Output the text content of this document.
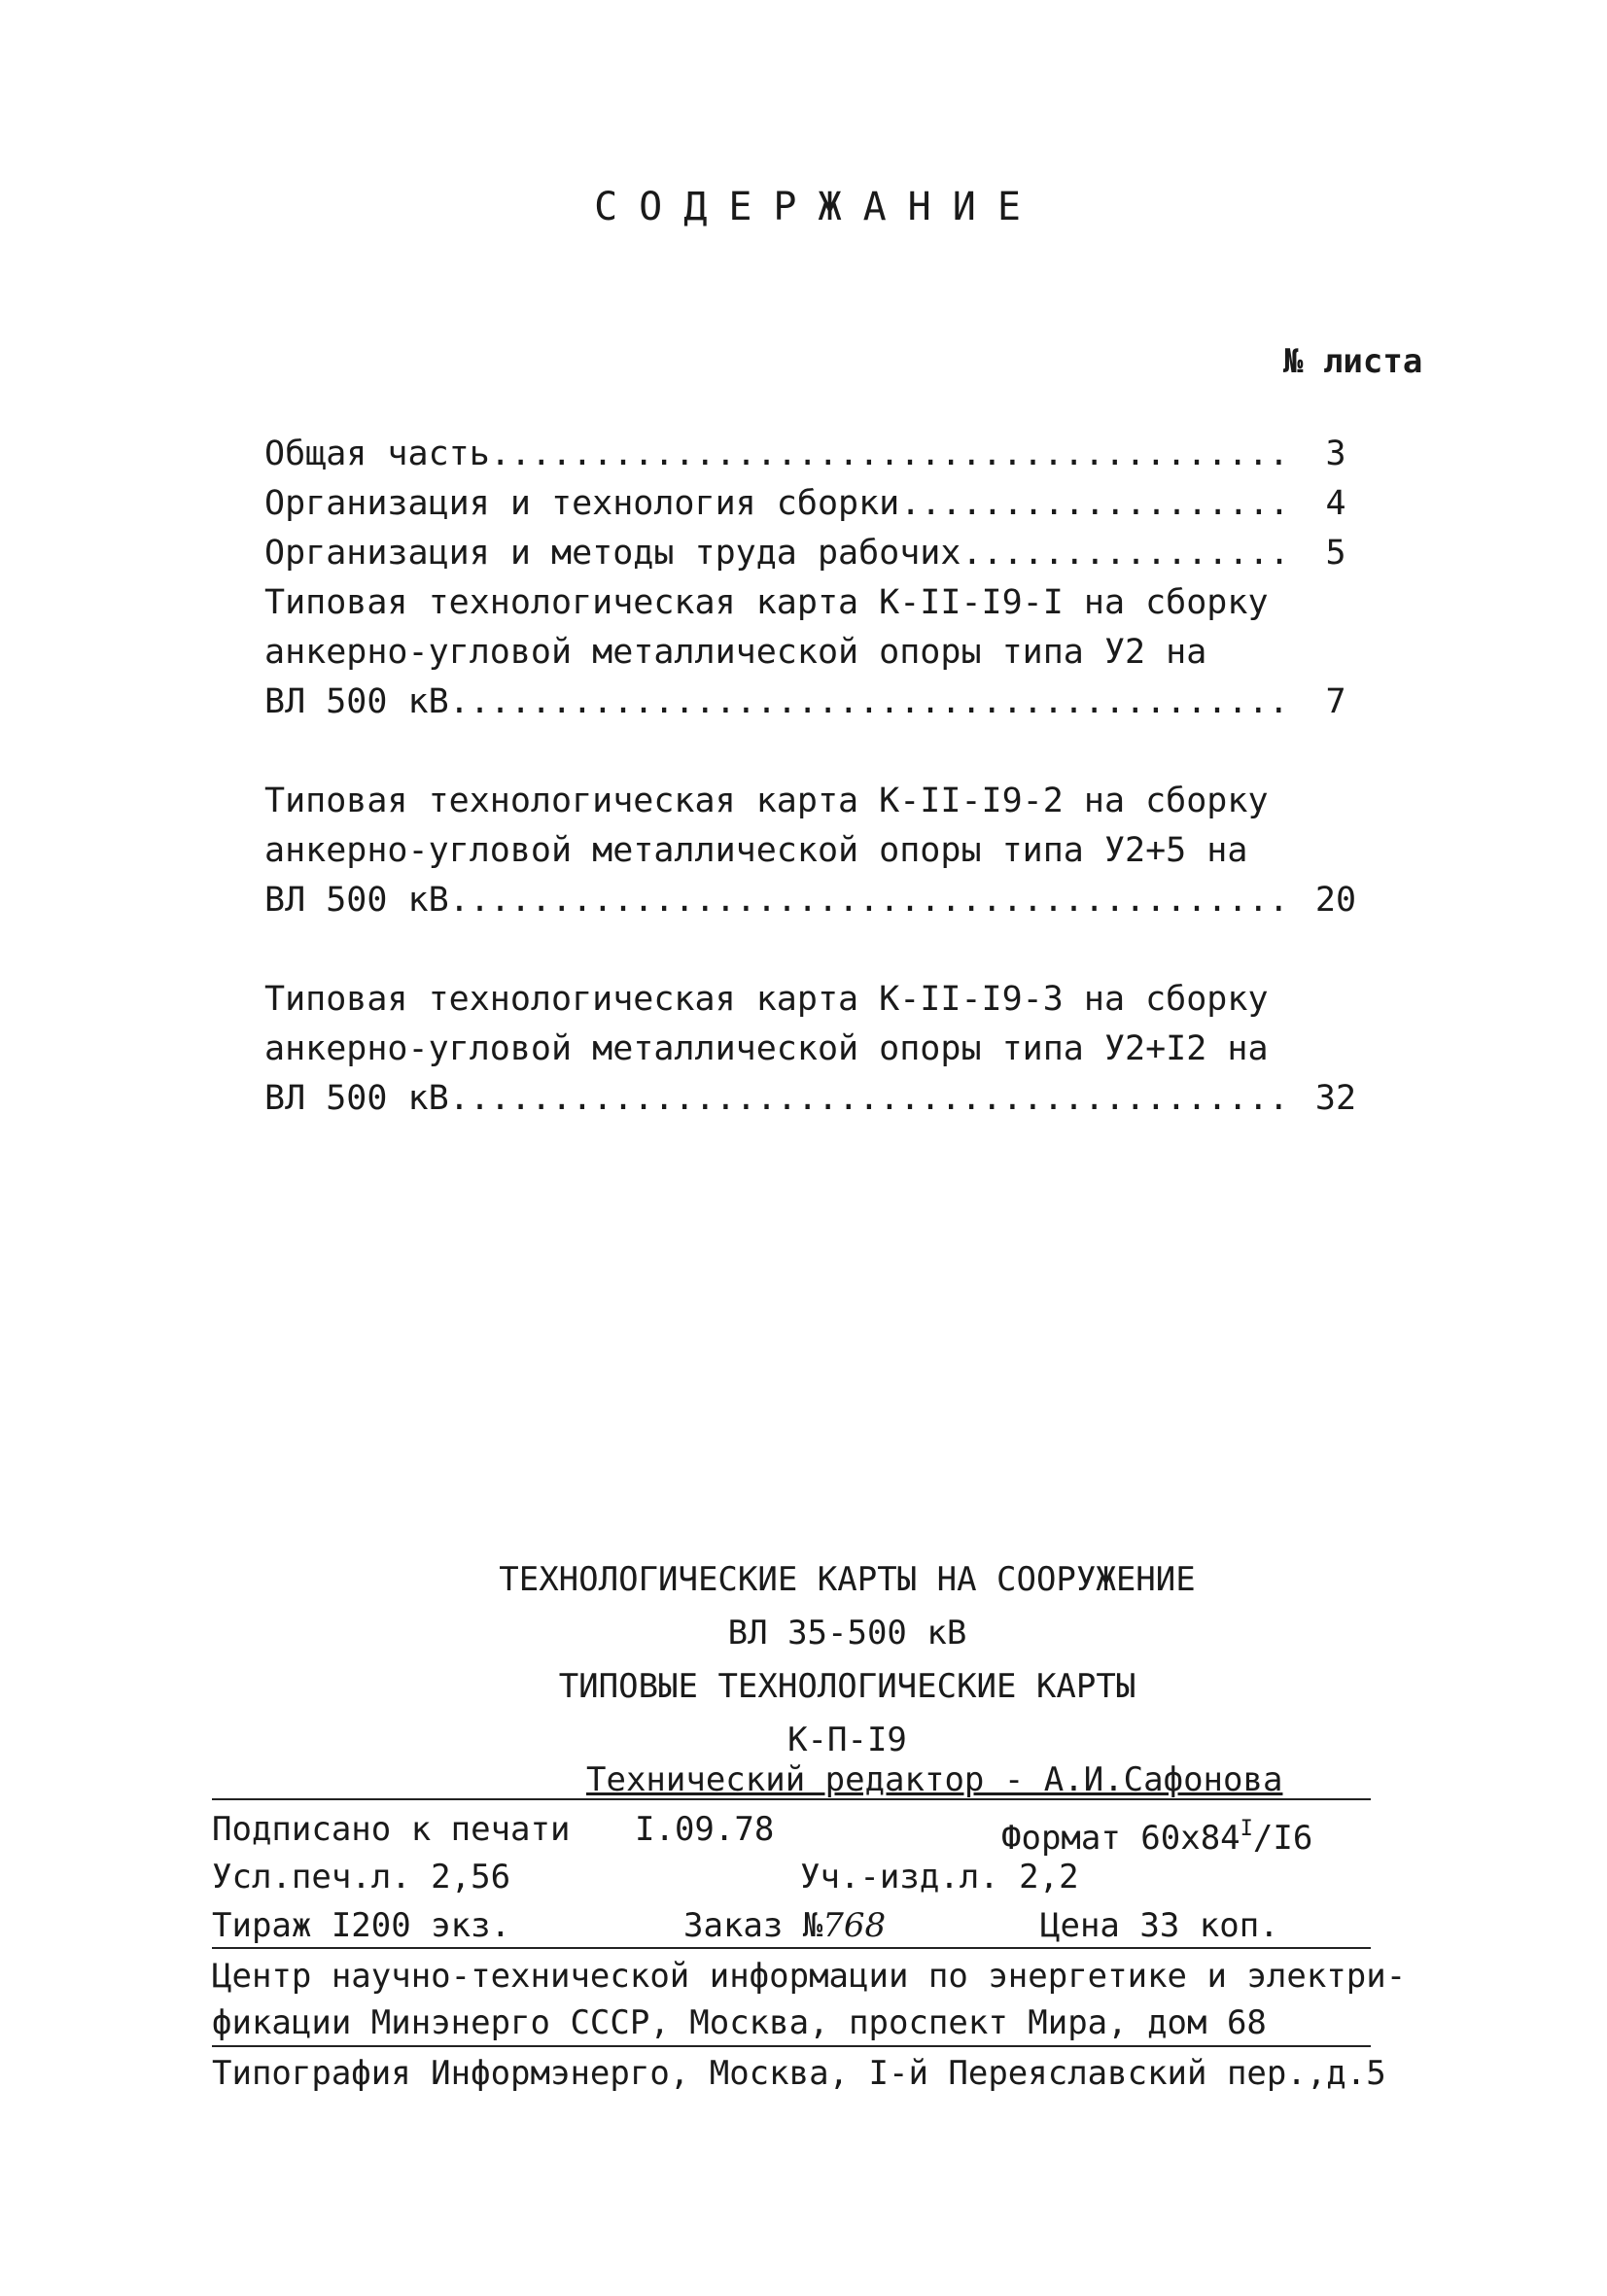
СОДЕРЖАНИЕ
№ листа
Общая часть .......................................	3
Организация и технология сборки ...................	4
Организация и методы труда рабочих ................	5
Типовая технологическая карта К-II-I9-I на сборку
анкерно-угловой металлической опоры типа У2 на
ВЛ 500 кВ .........................................	7
Типовая технологическая карта К-II-I9-2 на сборку
анкерно-угловой металлической опоры типа У2+5 на
ВЛ 500 кВ ......................................... 20
Типовая технологическая карта К-II-I9-3 на сборку
анкерно-угловой металлической опоры типа У2+I2 на
ВЛ 500 кВ ......................................... 32
ТЕХНОЛОГИЧЕСКИЕ КАРТЫ НА СООРУЖЕНИЕ
ВЛ 35-500 кВ
ТИПОВЫЕ ТЕХНОЛОГИЧЕСКИЕ КАРТЫ
К-П-I9
Технический редактор - А.И.Сафонова
Подписано к печати I.09.78	Формат $60х84^I/I6$
Усл.печ.л. 2,56	Уч.-изд.л. 2,2
Тираж I200 экз.	Заказ №768	Цена 33 коп.
Центр научно-технической информации по энергетике и электри-
фикации Минэнерго СССР, Москва, проспект Мира, дом 68
Типография Информэнерго, Москва, I-й Переяславский пер.,д.5
